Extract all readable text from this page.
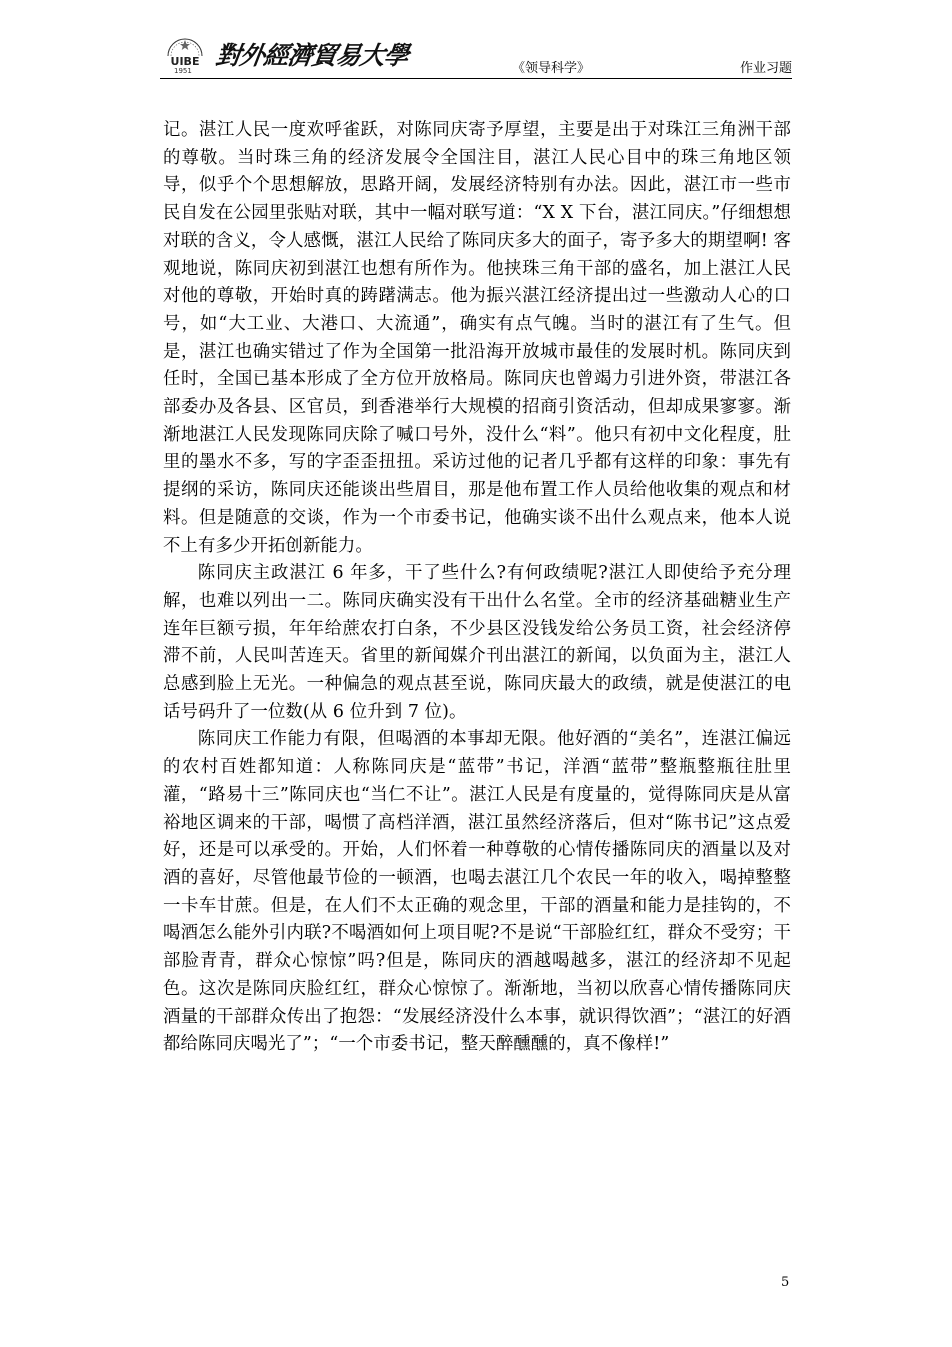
UIBE
1951
對外經濟貿易大學	《领导科学》	作业习题

记。湛江人民一度欢呼雀跃，对陈同庆寄予厚望，主要是出于对珠江三角洲干部的尊敬。当时珠三角的经济发展令全国注目，湛江人民心目中的珠三角地区领导，似乎个个思想解放，思路开阔，发展经济特别有办法。因此，湛江市一些市民自发在公园里张贴对联，其中一幅对联写道：“X X 下台，湛江同庆。”仔细想想对联的含义，令人感慨，湛江人民给了陈同庆多大的面子，寄予多大的期望啊! 客观地说，陈同庆初到湛江也想有所作为。他挟珠三角干部的盛名，加上湛江人民对他的尊敬，开始时真的踌躇满志。他为振兴湛江经济提出过一些激动人心的口号，如“大工业、大港口、大流通”，确实有点气魄。当时的湛江有了生气。但是，湛江也确实错过了作为全国第一批沿海开放城市最佳的发展时机。陈同庆到任时，全国已基本形成了全方位开放格局。陈同庆也曾竭力引进外资，带湛江各部委办及各县、区官员，到香港举行大规模的招商引资活动，但却成果寥寥。渐渐地湛江人民发现陈同庆除了喊口号外，没什么“料”。他只有初中文化程度，肚里的墨水不多，写的字歪歪扭扭。采访过他的记者几乎都有这样的印象：事先有提纲的采访，陈同庆还能谈出些眉目，那是他布置工作人员给他收集的观点和材料。但是随意的交谈，作为一个市委书记，他确实谈不出什么观点来，他本人说不上有多少开拓创新能力。

陈同庆主政湛江 6 年多，干了些什么?有何政绩呢?湛江人即使给予充分理解，也难以列出一二。陈同庆确实没有干出什么名堂。全市的经济基础糖业生产连年巨额亏损，年年给蔗农打白条，不少县区没钱发给公务员工资，社会经济停滞不前，人民叫苦连天。省里的新闻媒介刊出湛江的新闻，以负面为主，湛江人总感到脸上无光。一种偏急的观点甚至说，陈同庆最大的政绩，就是使湛江的电话号码升了一位数(从 6 位升到 7 位)。

陈同庆工作能力有限，但喝酒的本事却无限。他好酒的“美名”，连湛江偏远的农村百姓都知道：人称陈同庆是“蓝带”书记，洋酒“蓝带”整瓶整瓶往肚里灌，“路易十三”陈同庆也“当仁不让”。湛江人民是有度量的，觉得陈同庆是从富裕地区调来的干部，喝惯了高档洋酒，湛江虽然经济落后，但对“陈书记”这点爱好，还是可以承受的。开始，人们怀着一种尊敬的心情传播陈同庆的酒量以及对酒的喜好，尽管他最节俭的一顿酒，也喝去湛江几个农民一年的收入，喝掉整整一卡车甘蔗。但是，在人们不太正确的观念里，干部的酒量和能力是挂钩的，不喝酒怎么能外引内联?不喝酒如何上项目呢?不是说“干部脸红红，群众不受穷；干部脸青青，群众心惊惊”吗?但是，陈同庆的酒越喝越多，湛江的经济却不见起色。这次是陈同庆脸红红，群众心惊惊了。渐渐地，当初以欣喜心情传播陈同庆酒量的干部群众传出了抱怨：“发展经济没什么本事，就识得饮酒”；“湛江的好酒都给陈同庆喝光了”；“一个市委书记，整天醉醺醺的，真不像样!”

5
